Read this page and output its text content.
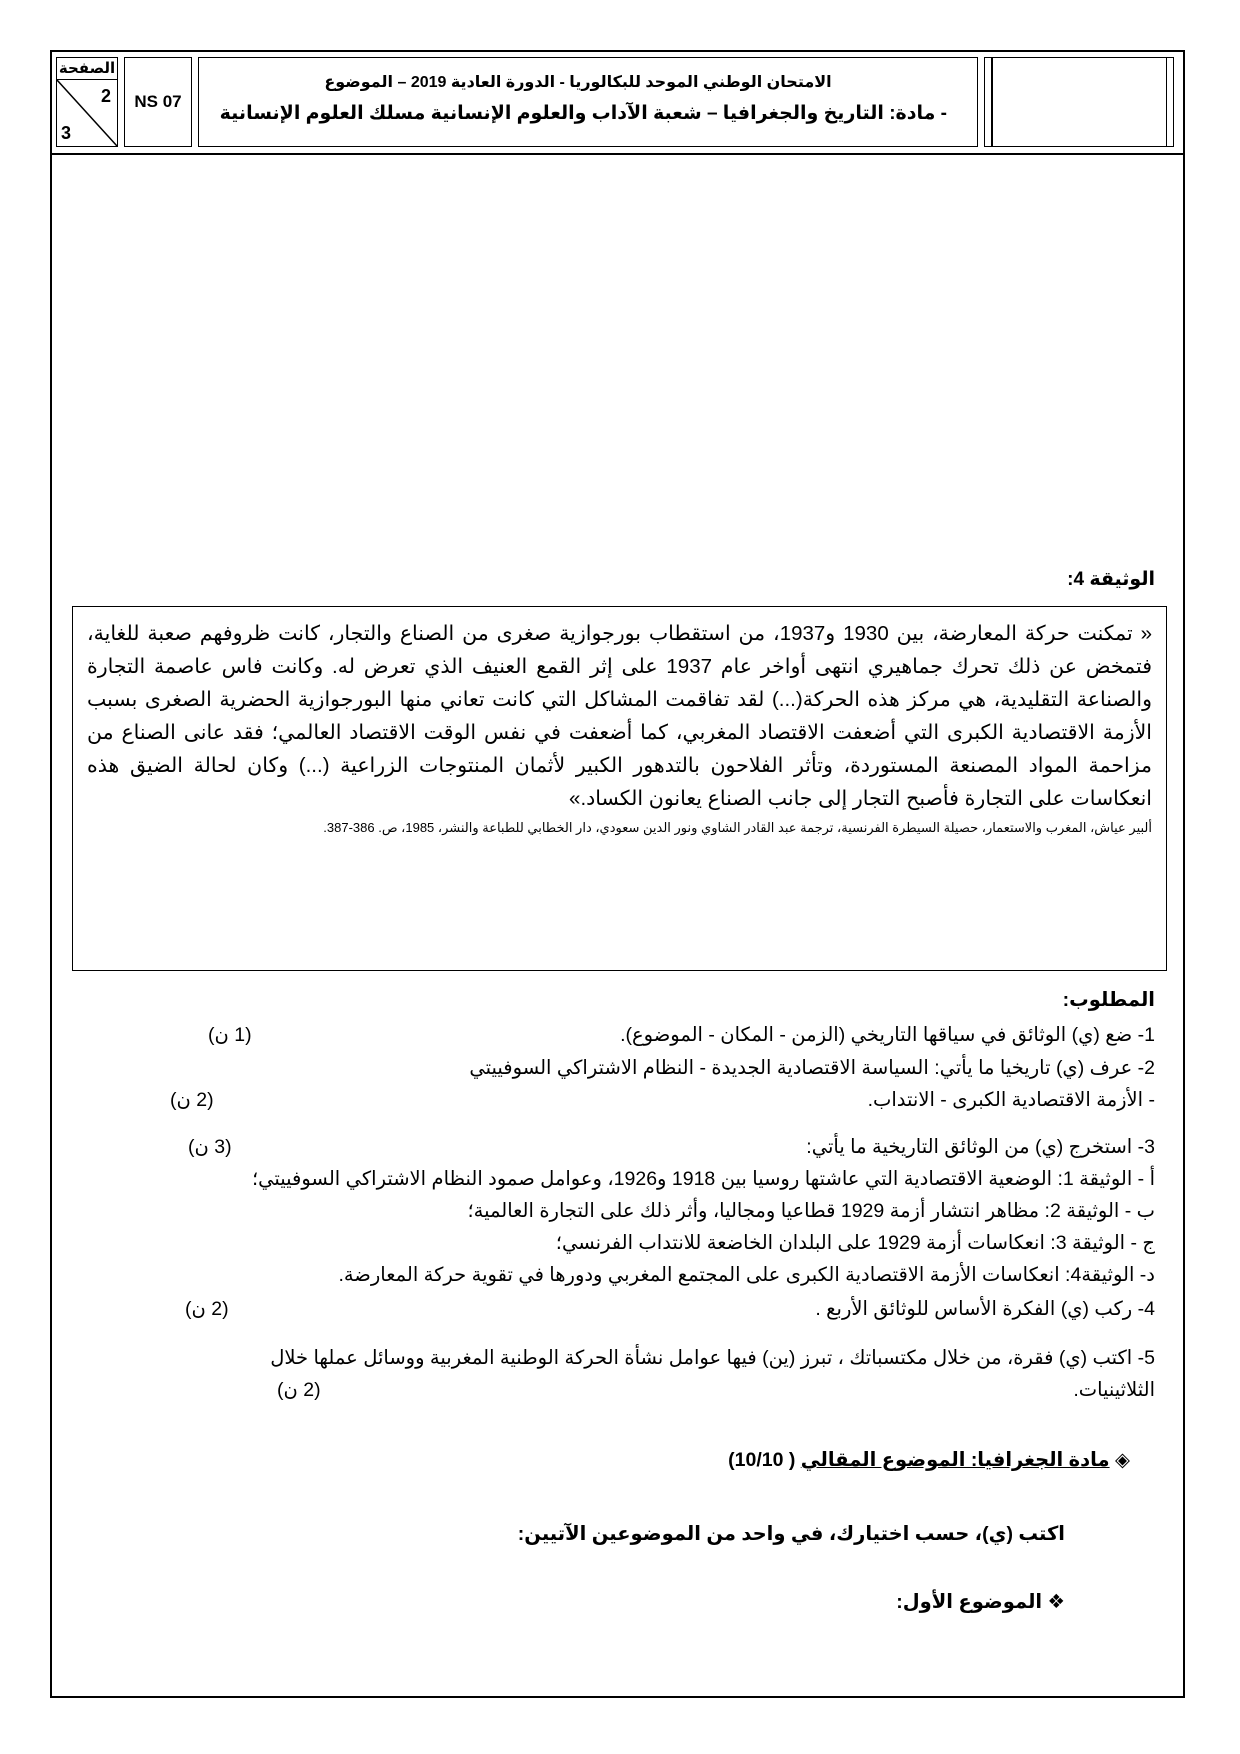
الصفحة
2
3
NS 07
الامتحان الوطني الموحد للبكالوريا - الدورة العادية 2019 – الموضوع
- مادة: التاريخ والجغرافيا – شعبة الآداب والعلوم الإنسانية مسلك العلوم الإنسانية
الوثيقة 4:
« تمكنت حركة المعارضة، بين 1930 و1937، من استقطاب بورجوازية صغرى من الصناع والتجار، كانت ظروفهم صعبة للغاية، فتمخض عن ذلك تحرك جماهيري انتهى أواخر عام 1937 على إثر القمع العنيف الذي تعرض له. وكانت فاس عاصمة التجارة والصناعة التقليدية، هي مركز هذه الحركة(...) لقد تفاقمت المشاكل التي كانت تعاني منها البورجوازية الحضرية الصغرى بسبب الأزمة الاقتصادية الكبرى التي أضعفت الاقتصاد المغربي، كما أضعفت في نفس الوقت الاقتصاد العالمي؛ فقد عانى الصناع من مزاحمة المواد المصنعة المستوردة، وتأثر الفلاحون بالتدهور الكبير لأثمان المنتوجات الزراعية (...) وكان لحالة الضيق هذه انعكاسات على التجارة فأصبح التجار إلى جانب الصناع يعانون الكساد.»
ألبير عياش، المغرب والاستعمار، حصيلة السيطرة الفرنسية، ترجمة عبد القادر الشاوي ونور الدين سعودي، دار الخطابي للطباعة والنشر، 1985، ص. 386-387.
المطلوب:
1- ضع (ي) الوثائق في سياقها التاريخي (الزمن - المكان - الموضوع).
(1 ن)
2- عرف (ي) تاريخيا ما يأتي: السياسة الاقتصادية الجديدة - النظام الاشتراكي السوفييتي
- الأزمة الاقتصادية الكبرى - الانتداب.
(2 ن)
3- استخرج (ي) من الوثائق التاريخية ما يأتي:
(3 ن)
أ - الوثيقة 1: الوضعية الاقتصادية التي عاشتها روسيا بين 1918 و1926، وعوامل صمود النظام الاشتراكي السوفييتي؛
ب - الوثيقة 2: مظاهر انتشار أزمة 1929 قطاعيا ومجاليا، وأثر ذلك على التجارة العالمية؛
ج - الوثيقة 3: انعكاسات أزمة 1929 على البلدان الخاضعة للانتداب الفرنسي؛
د- الوثيقة4: انعكاسات الأزمة الاقتصادية الكبرى على المجتمع المغربي ودورها في تقوية حركة المعارضة.
4- ركب (ي) الفكرة الأساس للوثائق الأربع .
(2 ن)
5- اكتب (ي) فقرة، من خلال مكتسباتك ، تبرز (ين) فيها عوامل نشأة الحركة الوطنية المغربية ووسائل عملها خلال
الثلاثينيات.
(2 ن)
◈ مادة الجغرافيا: الموضوع المقالي ( 10/10)
اكتب (ي)، حسب اختيارك، في واحد من الموضوعين الآتيين:
❖ الموضوع الأول:
